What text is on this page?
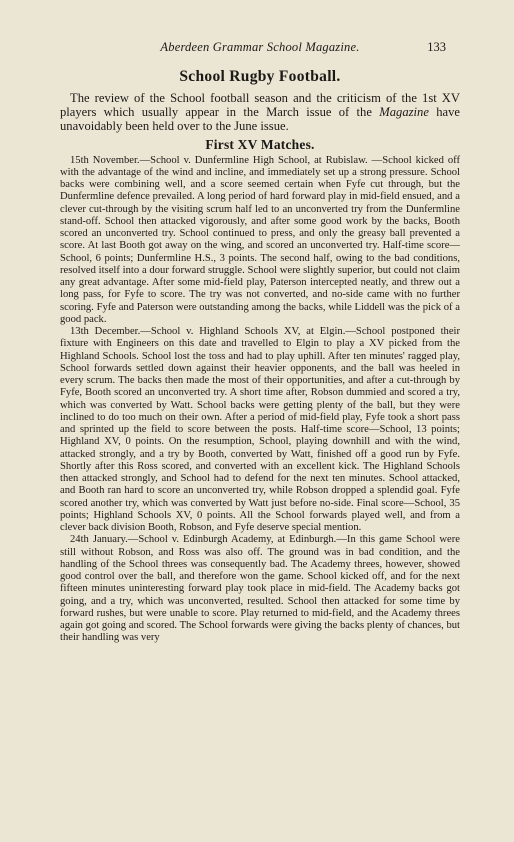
Aberdeen Grammar School Magazine.	133
School Rugby Football.

The review of the School football season and the criticism of the 1st XV players which usually appear in the March issue of the Magazine have unavoidably been held over to the June issue.

First XV Matches.

15th November.—School v. Dunfermline High School, at Rubislaw. —School kicked off with the advantage of the wind and incline, and immediately set up a strong pressure. School backs were combining well, and a score seemed certain when Fyfe cut through, but the Dunfermline defence prevailed. A long period of hard forward play in mid-field ensued, and a clever cut-through by the visiting scrum half led to an unconverted try from the Dunfermline stand-off. School then attacked vigorously, and after some good work by the backs, Booth scored an unconverted try. School continued to press, and only the greasy ball prevented a score. At last Booth got away on the wing, and scored an unconverted try. Half-time score—School, 6 points; Dunfermline H.S., 3 points. The second half, owing to the bad conditions, resolved itself into a dour forward struggle. School were slightly superior, but could not claim any great advantage. After some mid-field play, Paterson intercepted neatly, and threw out a long pass, for Fyfe to score. The try was not converted, and no-side came with no further scoring. Fyfe and Paterson were outstanding among the backs, while Liddell was the pick of a good pack.

13th December.—School v. Highland Schools XV, at Elgin.—School postponed their fixture with Engineers on this date and travelled to Elgin to play a XV picked from the Highland Schools. School lost the toss and had to play uphill. After ten minutes' ragged play, School forwards settled down against their heavier opponents, and the ball was heeled in every scrum. The backs then made the most of their opportunities, and after a cut-through by Fyfe, Booth scored an unconverted try. A short time after, Robson dummied and scored a try, which was converted by Watt. School backs were getting plenty of the ball, but they were inclined to do too much on their own. After a period of mid-field play, Fyfe took a short pass and sprinted up the field to score between the posts. Half-time score—School, 13 points; Highland XV, 0 points. On the resumption, School, playing downhill and with the wind, attacked strongly, and a try by Booth, converted by Watt, finished off a good run by Fyfe. Shortly after this Ross scored, and converted with an excellent kick. The Highland Schools then attacked strongly, and School had to defend for the next ten minutes. School attacked, and Booth ran hard to score an unconverted try, while Robson dropped a splendid goal. Fyfe scored another try, which was converted by Watt just before no-side. Final score—School, 35 points; Highland Schools XV, 0 points. All the School forwards played well, and from a clever back division Booth, Robson, and Fyfe deserve special mention.

24th January.—School v. Edinburgh Academy, at Edinburgh.—In this game School were still without Robson, and Ross was also off. The ground was in bad condition, and the handling of the School threes was consequently bad. The Academy threes, however, showed good control over the ball, and therefore won the game. School kicked off, and for the next fifteen minutes uninteresting forward play took place in mid-field. The Academy backs got going, and a try, which was unconverted, resulted. School then attacked for some time by forward rushes, but were unable to score. Play returned to mid-field, and the Academy threes again got going and scored. The School forwards were giving the backs plenty of chances, but their handling was very
